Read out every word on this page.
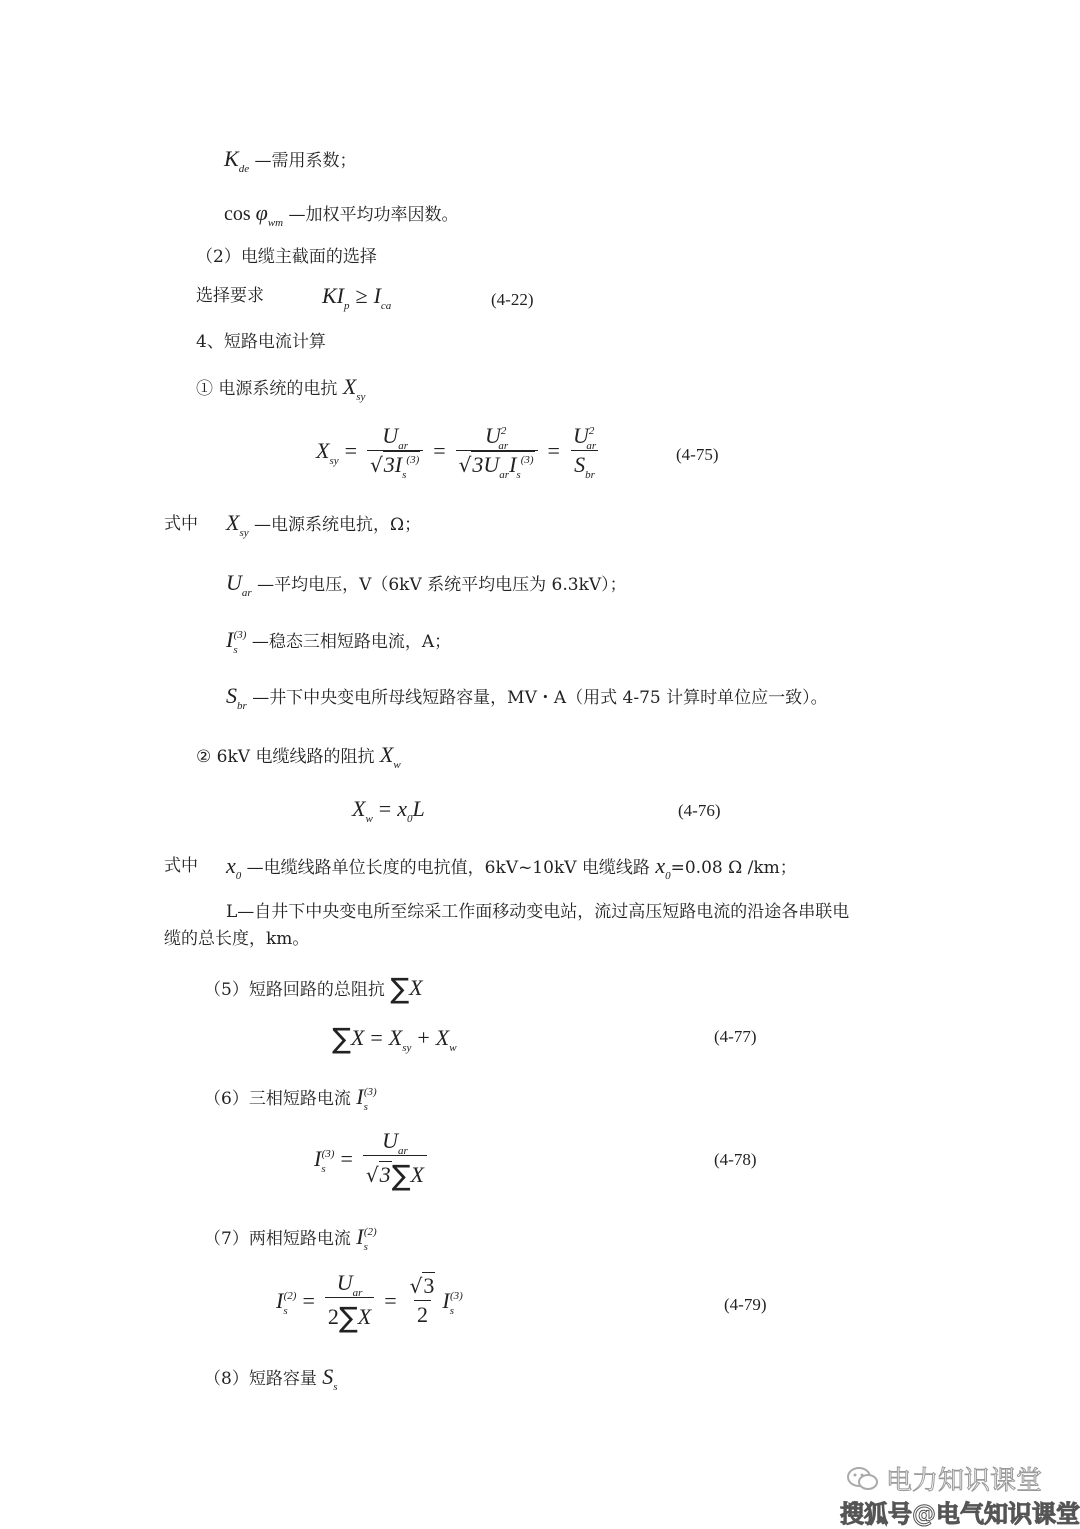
$K_{de}$ —需用系数；
$\cos \varphi_{wm}$ —加权平均功率因数。
（2）电缆主截面的选择
选择要求	$KI_p \ge I_{ca}$	(4-22)
4、短路电流计算
① 电源系统的电抗 $X_{sy}$
$X_{sy} = \frac{U_{ar}}{√3I_s^{(3)}} = \frac{U^2_{ar}}{√3U_{ar}I_s^{(3)}} = \frac{U^2_{ar}}{S_{br}}$	(4-75)
式中 $X_{sy}$ —电源系统电抗，Ω；
$U_{ar}$ —平均电压，V（6kV 系统平均电压为 6.3kV）；
$I_s^{(3)}$ —稳态三相短路电流，A；
$S_{br}$ —井下中央变电所母线短路容量，MV・A（用式 4-75 计算时单位应一致）。
② 6kV 电缆线路的阻抗 $X_w$
$X_w = x_0L$	(4-76)
式中 $x_0$ —电缆线路单位长度的电抗值，6kV~10kV 电缆线路 $x_0=0.08$ Ω /km；
L—自井下中央变电所至综采工作面移动变电站，流过高压短路电流的沿途各串联电
缆的总长度，km。
（5）短路回路的总阻抗 ∑X
$\sum X = X_{sy} + X_w$
(4-77)
（6）三相短路电流 $I_s^{(3)}$
$I_s^{(3)} = \frac{U_{ar}}{√3\sum X}$	(4-78)
（7）两相短路电流 $I_s^{(2)}$
$I_s^{(2)} = \frac{U_{ar}}{2\sum X} = \frac{√3}{2} I_s^{(3)}$	(4-79)
（8）短路容量 $S_s$
电力知识课堂
搜狐号@电气知识课堂
